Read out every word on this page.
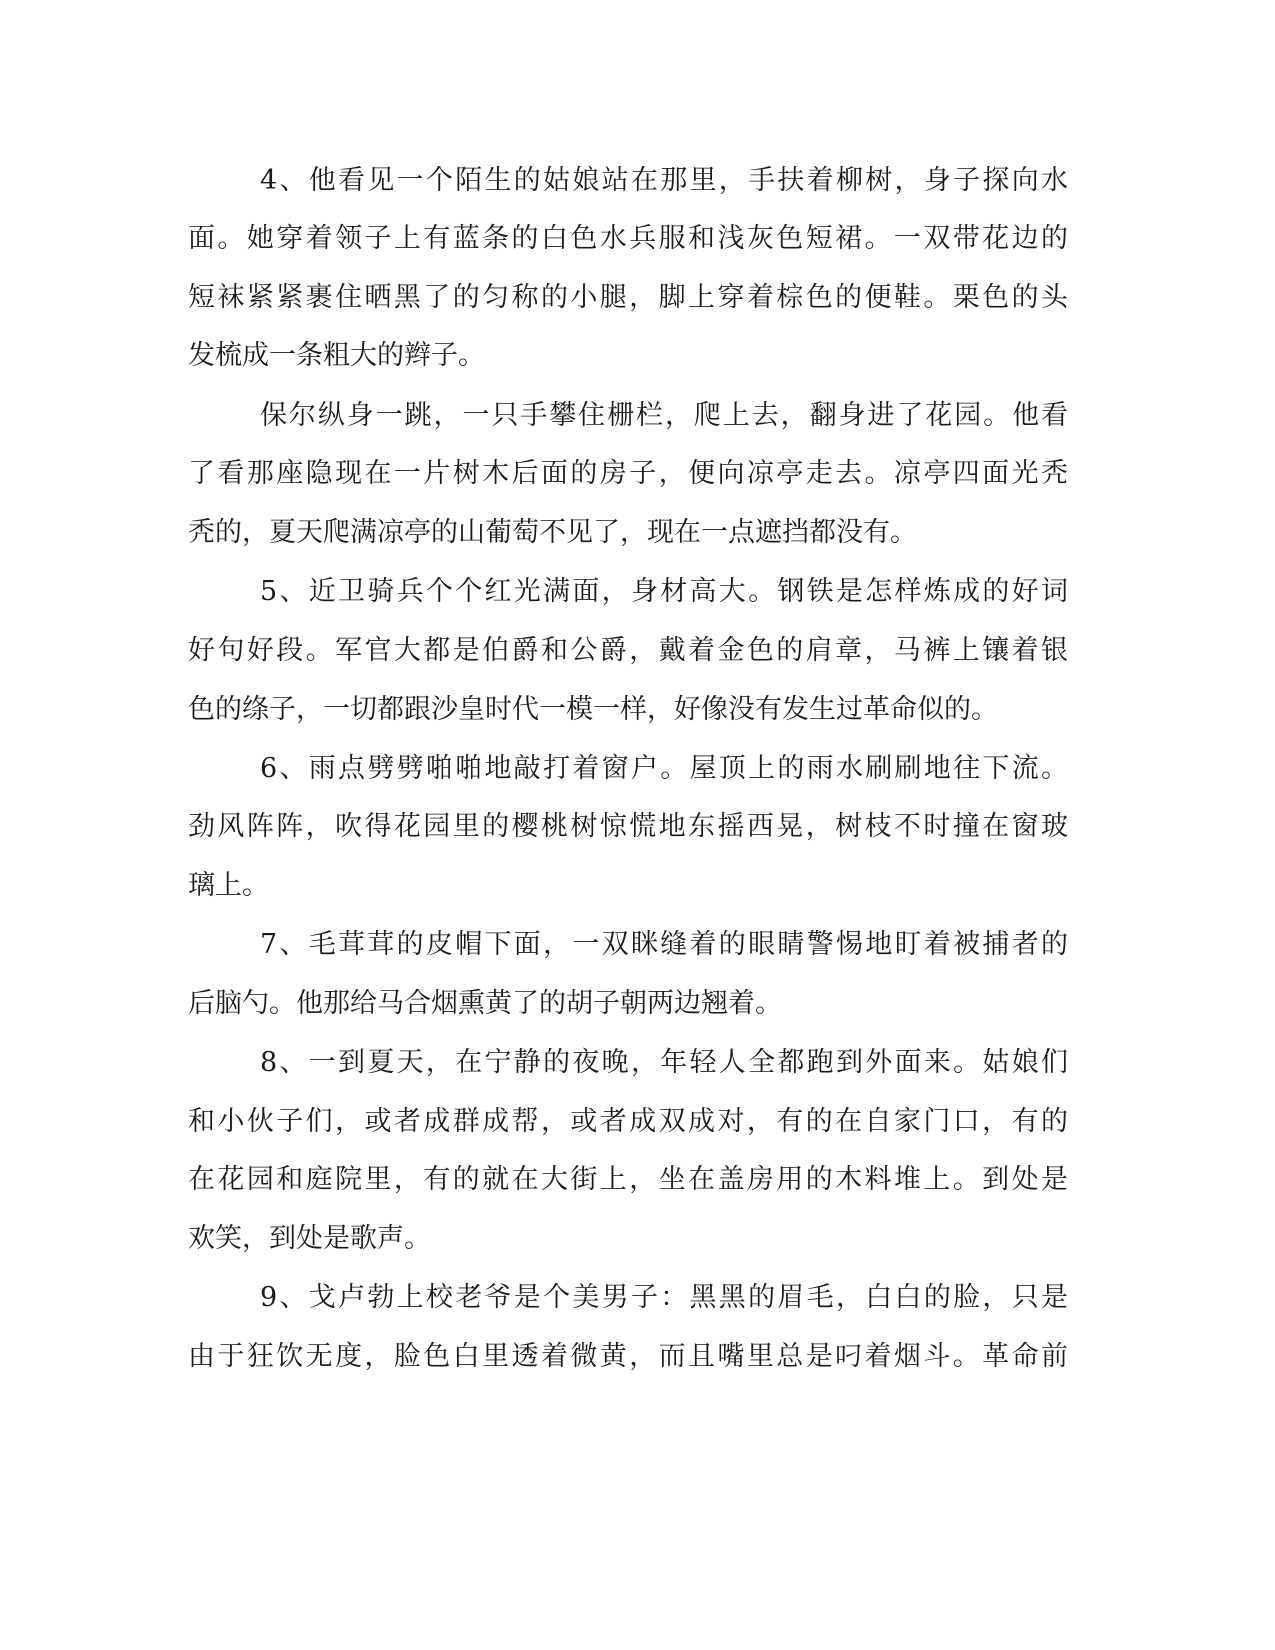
4、他看见一个陌生的姑娘站在那里，手扶着柳树，身子探向水
面。她穿着领子上有蓝条的白色水兵服和浅灰色短裙。一双带花边的
短袜紧紧裹住晒黑了的匀称的小腿，脚上穿着棕色的便鞋。栗色的头
发梳成一条粗大的辫子。
保尔纵身一跳，一只手攀住栅栏，爬上去，翻身进了花园。他看
了看那座隐现在一片树木后面的房子，便向凉亭走去。凉亭四面光秃
秃的，夏天爬满凉亭的山葡萄不见了，现在一点遮挡都没有。
5、近卫骑兵个个红光满面，身材高大。钢铁是怎样炼成的好词
好句好段。军官大都是伯爵和公爵，戴着金色的肩章，马裤上镶着银
色的绦子，一切都跟沙皇时代一模一样，好像没有发生过革命似的。
6、雨点劈劈啪啪地敲打着窗户。屋顶上的雨水刷刷地往下流。
劲风阵阵，吹得花园里的樱桃树惊慌地东摇西晃，树枝不时撞在窗玻
璃上。
7、毛茸茸的皮帽下面，一双眯缝着的眼睛警惕地盯着被捕者的
后脑勺。他那给马合烟熏黄了的胡子朝两边翘着。
8、一到夏天，在宁静的夜晚，年轻人全都跑到外面来。姑娘们
和小伙子们，或者成群成帮，或者成双成对，有的在自家门口，有的
在花园和庭院里，有的就在大街上，坐在盖房用的木料堆上。到处是
欢笑，到处是歌声。
9、戈卢勃上校老爷是个美男子：黑黑的眉毛，白白的脸，只是
由于狂饮无度，脸色白里透着微黄，而且嘴里总是叼着烟斗。革命前
